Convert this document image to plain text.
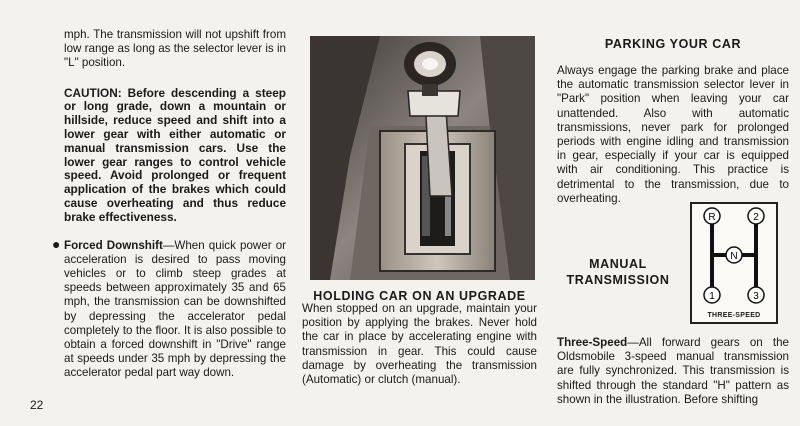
mph. The transmission will not upshift from low range as long as the selector lever is in "L" position.

CAUTION: Before descending a steep or long grade, down a mountain or hillside, reduce speed and shift into a lower gear with either automatic or manual transmission cars. Use the lower gear ranges to control vehicle speed. Avoid prolonged or frequent application of the brakes which could cause overheating and thus reduce brake effectiveness.

● Forced Downshift—When quick power or acceleration is desired to pass moving vehicles or to climb steep grades at speeds between approximately 35 and 65 mph, the transmission can be downshifted by depressing the accelerator pedal completely to the floor. It is also possible to obtain a forced downshift in "Drive" range at speeds under 35 mph by depressing the accelerator pedal part way down.

HOLDING CAR ON AN UPGRADE

When stopped on an upgrade, maintain your position by applying the brakes. Never hold the car in place by accelerating engine with transmission in gear. This could cause damage by overheating the transmission (Automatic) or clutch (manual).

PARKING YOUR CAR
Always engage the parking brake and place the automatic transmission selector lever in "Park" position when leaving your car unattended. Also with automatic transmissions, never park for prolonged periods with engine idling and transmission in gear, especially if your car is equipped with air conditioning. This practice is detrimental to the transmission, due to overheating.
MANUAL TRANSMISSION
R	2
N
1	3
THREE-SPEED
Three-Speed—All forward gears on the Oldsmobile 3-speed manual transmission are fully synchronized. This transmission is shifted through the standard "H" pattern as shown in the illustration. Before shifting
22
